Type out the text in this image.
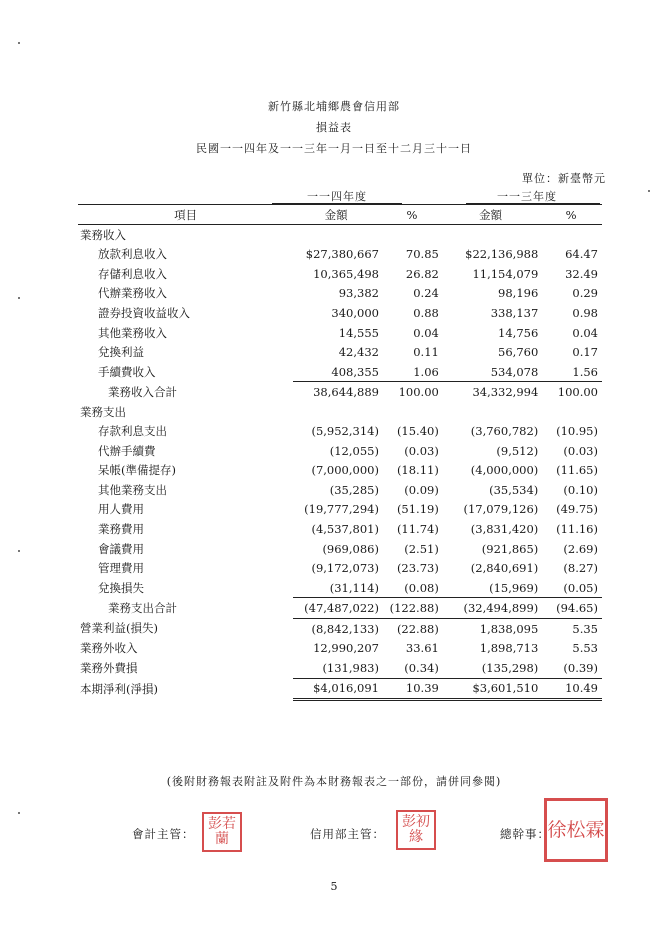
新竹縣北埔鄉農會信用部
損益表
民國一一四年及一一三年一月一日至十二月三十一日
單位：新臺幣元
一一四年度	一一三年度
項目	金額	%	金額	%
業務收入				
放款利息收入	$27,380,667	70.85	$22,136,988	64.47
存儲利息收入	10,365,498	26.82	11,154,079	32.49
代辦業務收入	93,382	0.24	98,196	0.29
證券投資收益收入	340,000	0.88	338,137	0.98
其他業務收入	14,555	0.04	14,756	0.04
兌換利益	42,432	0.11	56,760	0.17
手續費收入	408,355	1.06	534,078	1.56
業務收入合計	38,644,889	100.00	34,332,994	100.00
業務支出				
存款利息支出	(5,952,314)	(15.40)	(3,760,782)	(10.95)
代辦手續費	(12,055)	(0.03)	(9,512)	(0.03)
呆帳(準備提存)	(7,000,000)	(18.11)	(4,000,000)	(11.65)
其他業務支出	(35,285)	(0.09)	(35,534)	(0.10)
用人費用	(19,777,294)	(51.19)	(17,079,126)	(49.75)
業務費用	(4,537,801)	(11.74)	(3,831,420)	(11.16)
會議費用	(969,086)	(2.51)	(921,865)	(2.69)
管理費用	(9,172,073)	(23.73)	(2,840,691)	(8.27)
兌換損失	(31,114)	(0.08)	(15,969)	(0.05)
業務支出合計	(47,487,022)	(122.88)	(32,494,899)	(94.65)
營業利益(損失)	(8,842,133)	(22.88)	1,838,095	5.35
業務外收入	12,990,207	33.61	1,898,713	5.53
業務外費損	(131,983)	(0.34)	(135,298)	(0.39)
本期淨利(淨損)	$4,016,091	10.39	$3,601,510	10.49
(後附財務報表附註及附件為本財務報表之一部份，請併同參閱)
會計主管：
彭若蘭	信用部主管：
彭初緣	總幹事：
徐松霖
5
